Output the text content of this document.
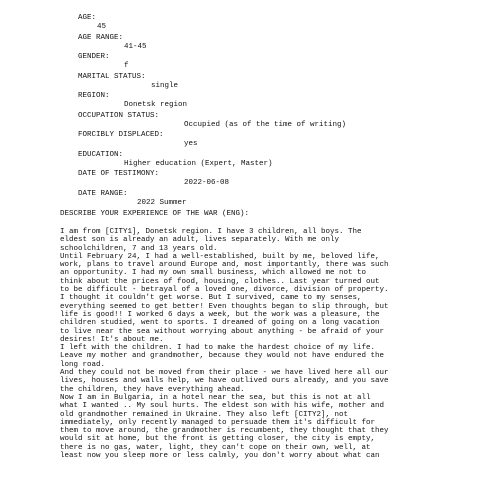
AGE:

45

AGE RANGE:

41-45

GENDER:

f

MARITAL STATUS:

single

REGION:

Donetsk region

OCCUPATION STATUS:

Occupied (as of the time of writing)

FORCIBLY DISPLACED:

yes

EDUCATION:

Higher education (Expert, Master)

DATE OF TESTIMONY:

2022-06-08

DATE RANGE:

2022 Summer

DESCRIBE YOUR EXPERIENCE OF THE WAR (ENG):
I am from [CITY1], Donetsk region. I have 3 children, all boys. The
eldest son is already an adult, lives separately. With me only
schoolchildren, 7 and 13 years old.
Until February 24, I had a well-established, built by me, beloved life,
work, plans to travel around Europe and, most importantly, there was such
an opportunity. I had my own small business, which allowed me not to
think about the prices of food, housing, clothes.. Last year turned out
to be difficult - betrayal of a loved one, divorce, division of property.
I thought it couldn't get worse. But I survived, came to my senses,
everything seemed to get better! Even thoughts began to slip through, but
life is good!! I worked 6 days a week, but the work was a pleasure, the
children studied, went to sports. I dreamed of going on a long vacation
to live near the sea without worrying about anything - be afraid of your
desires! It's about me.
I left with the children. I had to make the hardest choice of my life.
Leave my mother and grandmother, because they would not have endured the
long road.
And they could not be moved from their place - we have lived here all our
lives, houses and walls help, we have outlived ours already, and you save
the children, they have everything ahead.
Now I am in Bulgaria, in a hotel near the sea, but this is not at all
what I wanted .. My soul hurts. The eldest son with his wife, mother and
old grandmother remained in Ukraine. They also left [CITY2], not
immediately, only recently managed to persuade them it's difficult for
them to move around, the grandmother is recumbent, they thought that they
would sit at home, but the front is getting closer, the city is empty,
there is no gas, water, light, they can't cope on their own, well, at
least now you sleep more or less calmly, you don't worry about what can
